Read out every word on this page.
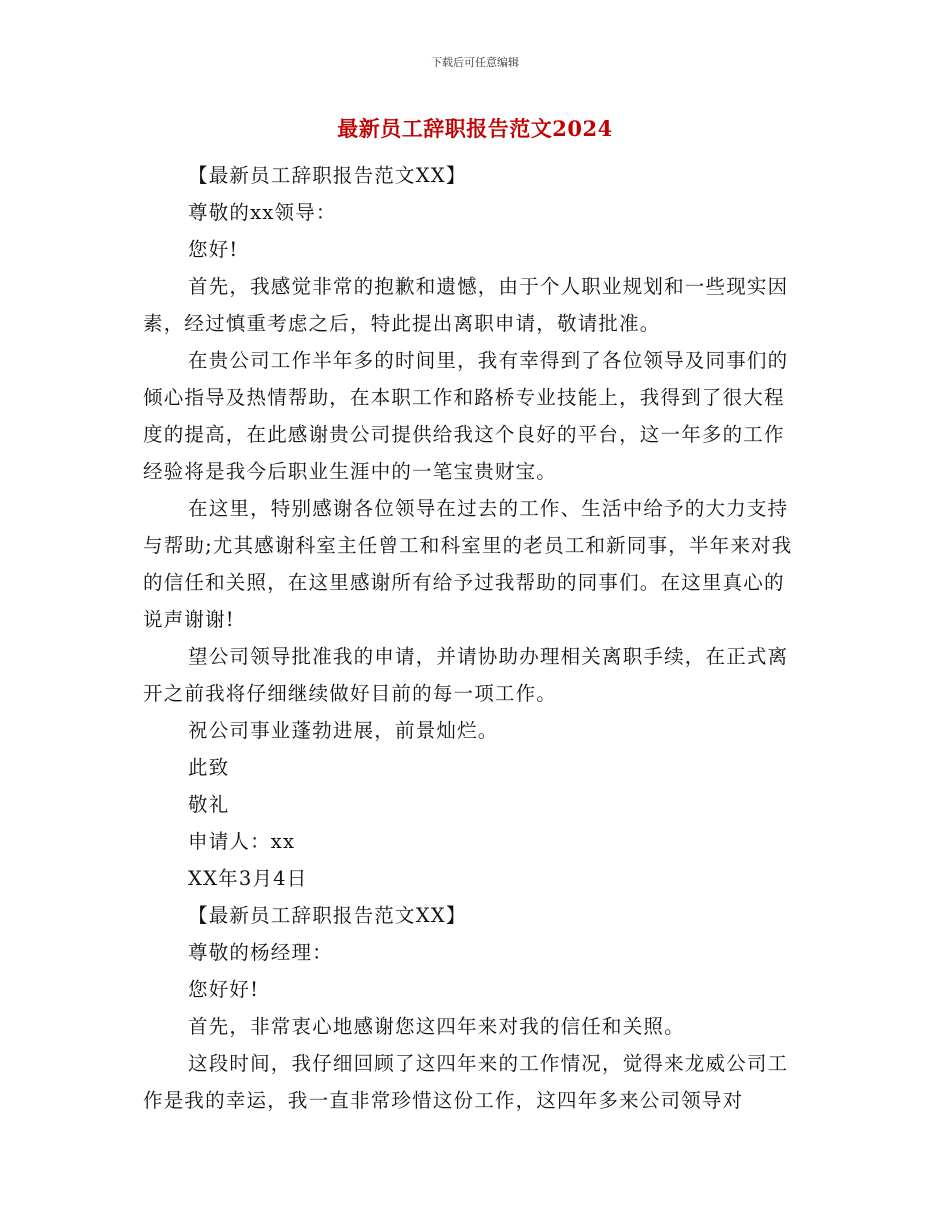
下载后可任意编辑
最新员工辞职报告范文2024

【最新员工辞职报告范文XX】

尊敬的xx领导：

您好!

首先，我感觉非常的抱歉和遗憾，由于个人职业规划和一些现实因素，经过慎重考虑之后，特此提出离职申请，敬请批准。

在贵公司工作半年多的时间里，我有幸得到了各位领导及同事们的倾心指导及热情帮助，在本职工作和路桥专业技能上，我得到了很大程度的提高，在此感谢贵公司提供给我这个良好的平台，这一年多的工作经验将是我今后职业生涯中的一笔宝贵财宝。

在这里，特别感谢各位领导在过去的工作、生活中给予的大力支持与帮助;尤其感谢科室主任曾工和科室里的老员工和新同事，半年来对我的信任和关照，在这里感谢所有给予过我帮助的同事们。在这里真心的说声谢谢!

望公司领导批准我的申请，并请协助办理相关离职手续，在正式离开之前我将仔细继续做好目前的每一项工作。

祝公司事业蓬勃进展，前景灿烂。

此致

敬礼

申请人：xx

XX年3月4日

【最新员工辞职报告范文XX】

尊敬的杨经理：

您好好!

首先，非常衷心地感谢您这四年来对我的信任和关照。

这段时间，我仔细回顾了这四年来的工作情况，觉得来龙威公司工作是我的幸运，我一直非常珍惜这份工作，这四年多来公司领导对
